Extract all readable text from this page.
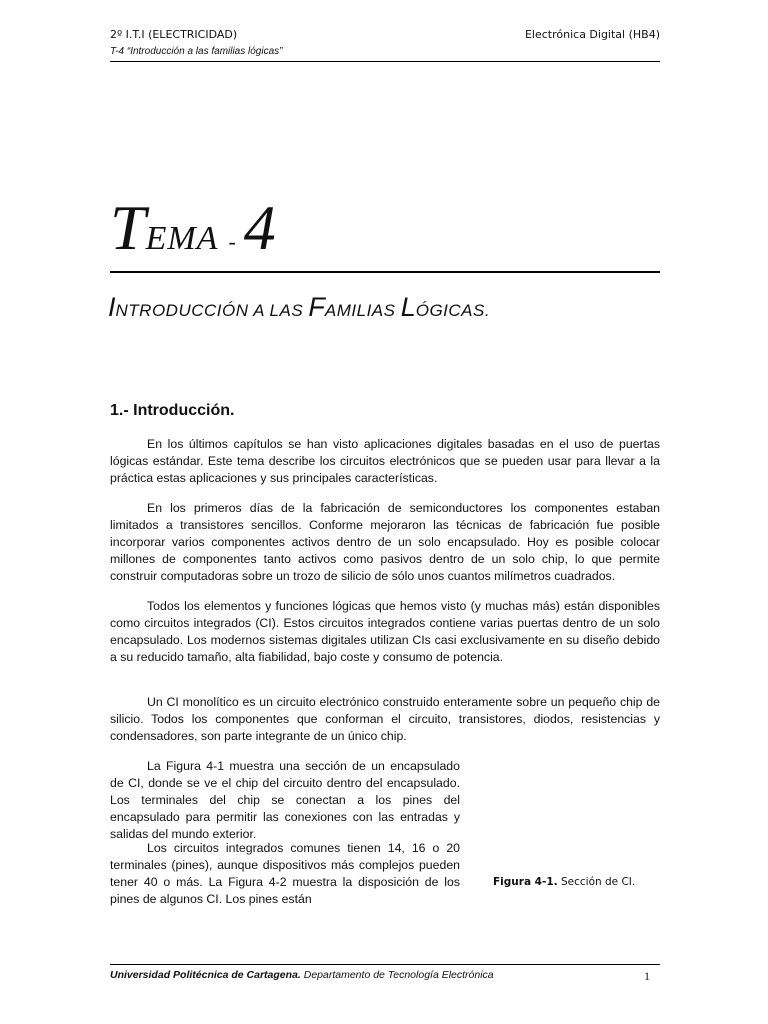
2º I.T.I (ELECTRICIDAD)	Electrónica Digital (HB4)
T-4 “Introducción a las familias lógicas”
TEMA - 4
INTRODUCCIÓN A LAS FAMILIAS LÓGICAS.
1.- Introducción.

En los últimos capítulos se han visto aplicaciones digitales basadas en el uso de puertas lógicas estándar. Este tema describe los circuitos electrónicos que se pueden usar para llevar a la práctica estas aplicaciones y sus principales características.

En los primeros días de la fabricación de semiconductores los componentes estaban limitados a transistores sencillos. Conforme mejoraron las técnicas de fabricación fue posible incorporar varios componentes activos dentro de un solo encapsulado. Hoy es posible colocar millones de componentes tanto activos como pasivos dentro de un solo chip, lo que permite construir computadoras sobre un trozo de silicio de sólo unos cuantos milímetros cuadrados.

Todos los elementos y funciones lógicas que hemos visto (y muchas más) están disponibles como circuitos integrados (CI). Estos circuitos integrados contiene varias puertas dentro de un solo encapsulado. Los modernos sistemas digitales utilizan CIs casi exclusivamente en su diseño debido a su reducido tamaño, alta fiabilidad, bajo coste y consumo de potencia.

Un CI monolítico es un circuito electrónico construido enteramente sobre un pequeño chip de silicio. Todos los componentes que conforman el circuito, transistores, diodos, resistencias y condensadores, son parte integrante de un único chip.

La Figura 4-1 muestra una sección de un encapsulado de CI, donde se ve el chip del circuito dentro del encapsulado. Los terminales del chip se conectan a los pines del encapsulado para permitir las conexiones con las entradas y salidas del mundo exterior.

Los circuitos integrados comunes tienen 14, 16 o 20 terminales (pines), aunque dispositivos más complejos pueden tener 40 o más. La Figura 4-2 muestra la disposición de los pines de algunos CI. Los pines están

Figura 4-1. Sección de CI.
Universidad Politécnica de Cartagena. Departamento de Tecnología Electrónica	1
